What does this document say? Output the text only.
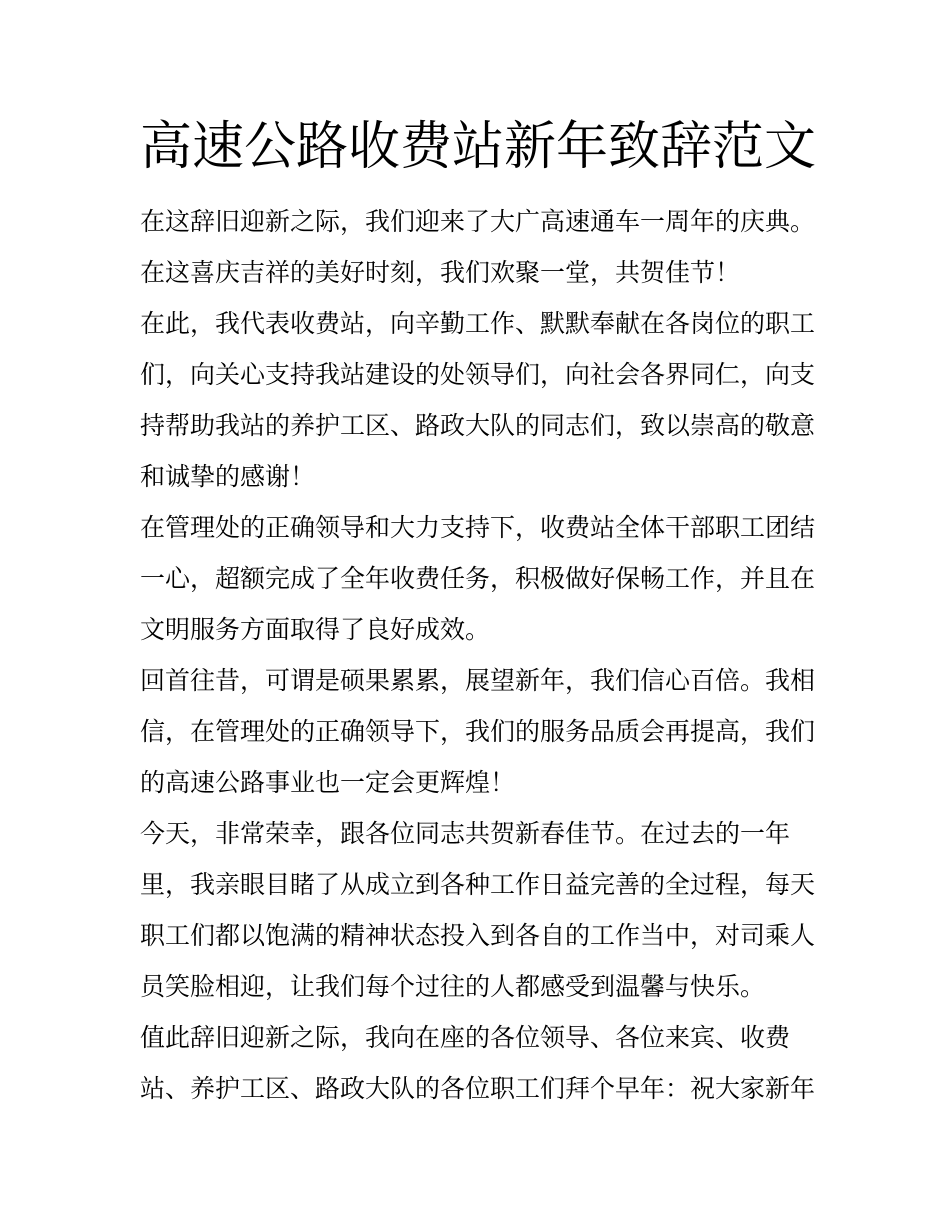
高速公路收费站新年致辞范文

在这辞旧迎新之际，我们迎来了大广高速通车一周年的庆典。
在这喜庆吉祥的美好时刻，我们欢聚一堂，共贺佳节！

在此，我代表收费站，向辛勤工作、默默奉献在各岗位的职工
们，向关心支持我站建设的处领导们，向社会各界同仁，向支
持帮助我站的养护工区、路政大队的同志们，致以崇高的敬意
和诚挚的感谢！

在管理处的正确领导和大力支持下，收费站全体干部职工团结
一心，超额完成了全年收费任务，积极做好保畅工作，并且在
文明服务方面取得了良好成效。

回首往昔，可谓是硕果累累，展望新年，我们信心百倍。我相
信，在管理处的正确领导下，我们的服务品质会再提高，我们
的高速公路事业也一定会更辉煌！

今天，非常荣幸，跟各位同志共贺新春佳节。在过去的一年
里，我亲眼目睹了从成立到各种工作日益完善的全过程，每天
职工们都以饱满的精神状态投入到各自的工作当中，对司乘人
员笑脸相迎，让我们每个过往的人都感受到温馨与快乐。

值此辞旧迎新之际，我向在座的各位领导、各位来宾、收费
站、养护工区、路政大队的各位职工们拜个早年：祝大家新年
